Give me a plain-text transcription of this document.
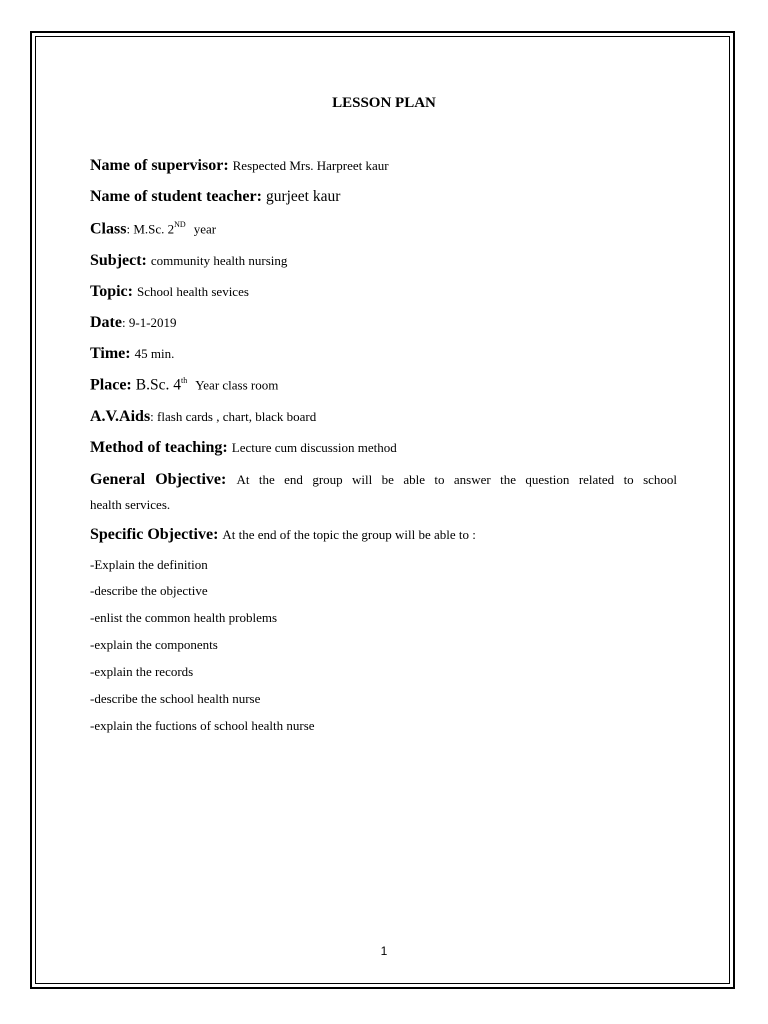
LESSON PLAN
Name of supervisor: Respected Mrs. Harpreet kaur
Name of student teacher: gurjeet kaur
Class: M.Sc. 2ND year
Subject: community health nursing
Topic: School health sevices
Date: 9-1-2019
Time: 45 min.
Place: B.Sc. 4th Year class room
A.V.Aids: flash cards , chart, black board
Method of teaching: Lecture cum discussion method
General Objective: At the end group will be able to answer the question related to school
health services.
Specific Objective: At the end of the topic the group will be able to :
-Explain the definition
-describe the objective
-enlist the common health problems
-explain the components
-explain the records
-describe the school health nurse
-explain the fuctions of school health nurse
1
